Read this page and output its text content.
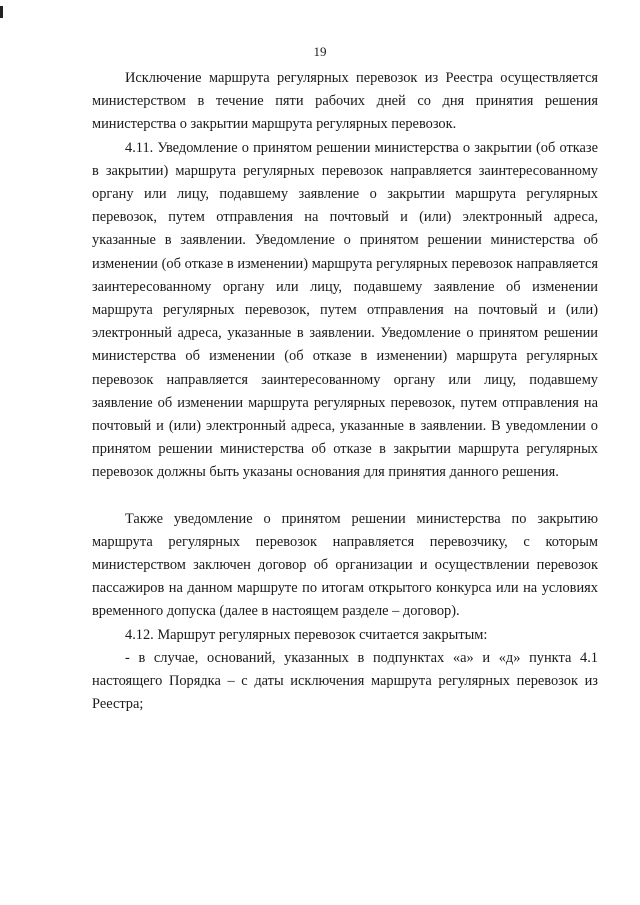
19

Исключение маршрута регулярных перевозок из Реестра осуществляется министерством в течение пяти рабочих дней со дня принятия решения министерства о закрытии маршрута регулярных перевозок.

4.11. Уведомление о принятом решении министерства о закрытии (об отказе в закрытии) маршрута регулярных перевозок направляется заинтересованному органу или лицу, подавшему заявление о закрытии маршрута регулярных перевозок, путем отправления на почтовый и (или) электронный адреса, указанные в заявлении. Уведомление о принятом решении министерства об изменении (об отказе в изменении) маршрута регулярных перевозок направляется заинтересованному органу или лицу, подавшему заявление об изменении маршрута регулярных перевозок, путем отправления на почтовый и (или) электронный адреса, указанные в заявлении. Уведомление о принятом решении министерства об изменении (об отказе в изменении) маршрута регулярных перевозок направляется заинтересованному органу или лицу, подавшему заявление об изменении маршрута регулярных перевозок, путем отправления на почтовый и (или) электронный адреса, указанные в заявлении. В уведомлении о принятом решении министерства об отказе в закрытии маршрута регулярных перевозок должны быть указаны основания для принятия данного решения.

Также уведомление о принятом решении министерства по закрытию маршрута регулярных перевозок направляется перевозчику, с которым министерством заключен договор об организации и осуществлении перевозок пассажиров на данном маршруте по итогам открытого конкурса или на условиях временного допуска (далее в настоящем разделе – договор).

4.12. Маршрут регулярных перевозок считается закрытым:

- в случае, оснований, указанных в подпунктах «а» и «д» пункта 4.1 настоящего Порядка – с даты исключения маршрута регулярных перевозок из Реестра;
